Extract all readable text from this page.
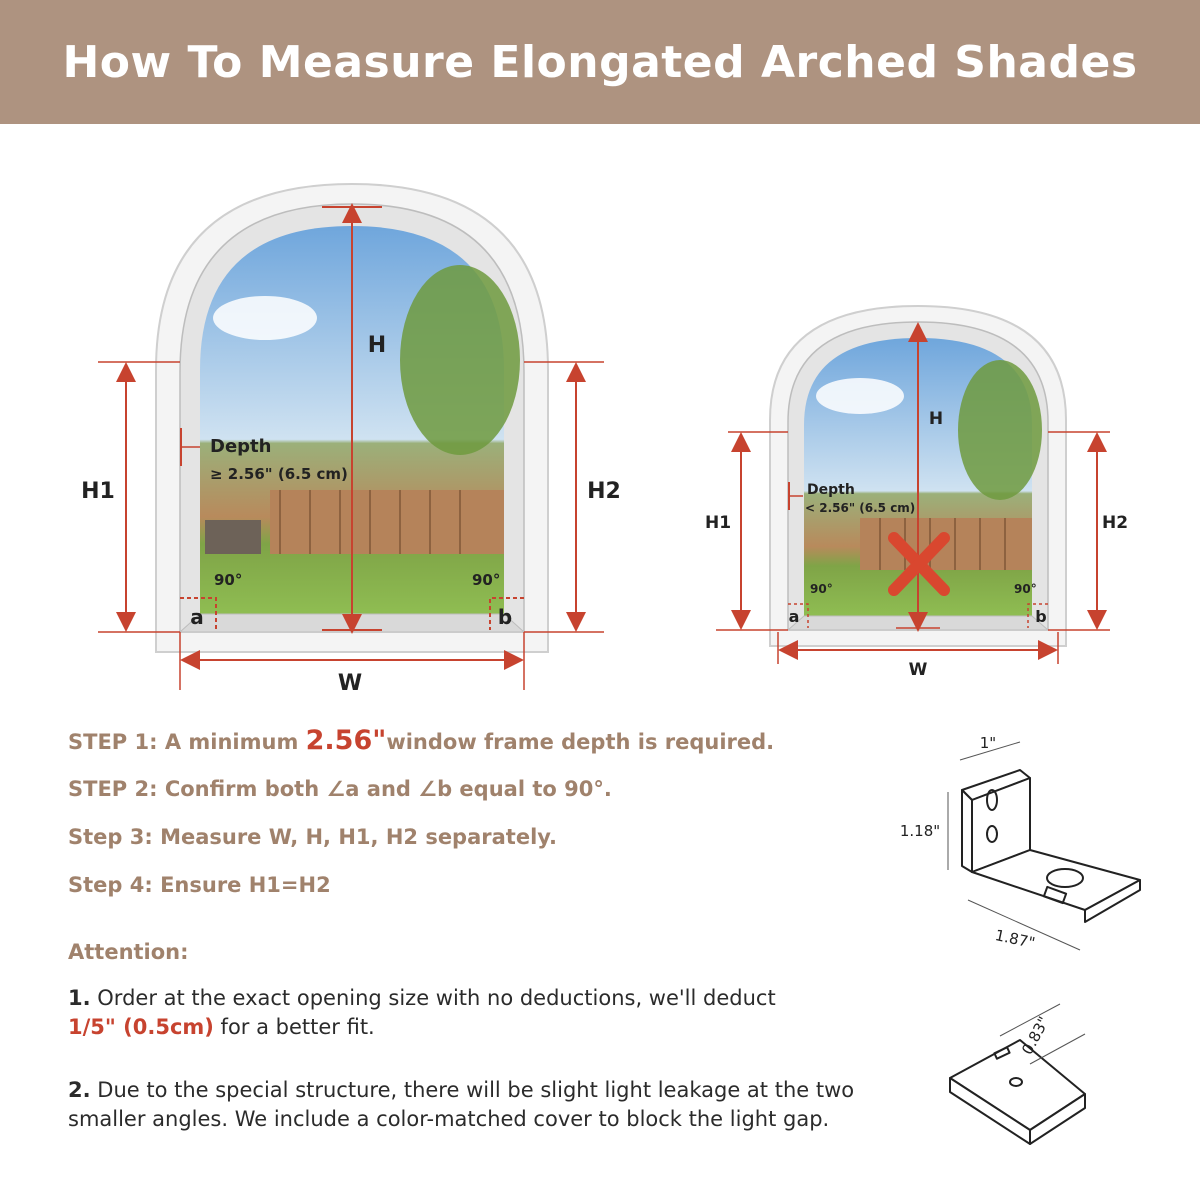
How To Measure Elongated Arched Shades
H
H1	H2
W
Depth
≥ 2.56" (6.5 cm)
90°	90°
a	b
H
H1	H2
W
Depth
< 2.56" (6.5 cm)
90°	90°
a	b
STEP 1: A minimum 2.56"window frame depth is required.
STEP 2: Confirm both ∠a and ∠b equal to 90°.
Step 3: Measure W, H, H1, H2 separately.
Step 4: Ensure H1=H2
Attention:
1. Order at the exact opening size with no deductions, we'll deduct
1/5" (0.5cm) for a better fit.
2. Due to the special structure, there will be slight light leakage at the two smaller angles. We include a color-matched cover to block the light gap.
1"
1.18"
1.87"
0.83"
